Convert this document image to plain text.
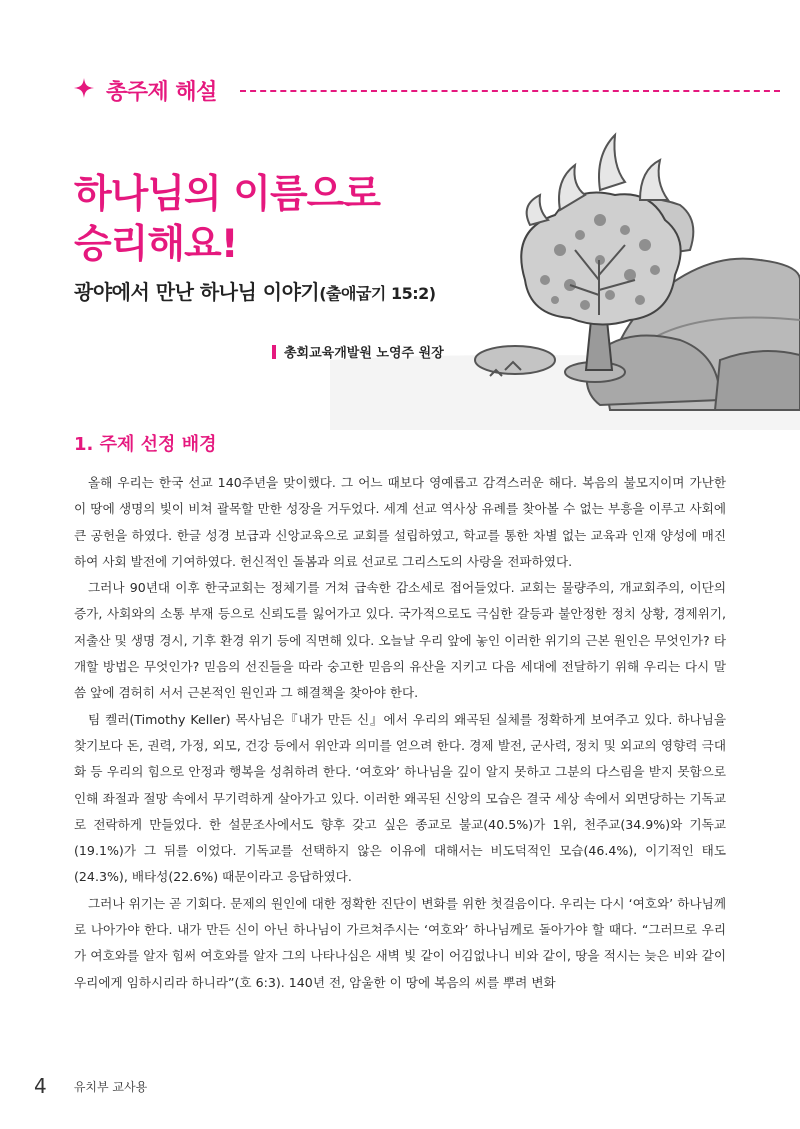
총주제 해설
하나님의 이름으로
승리해요!
광야에서 만난 하나님 이야기(출애굽기 15:2)
총회교육개발원 노영주 원장
1. 주제 선정 배경

올해 우리는 한국 선교 140주년을 맞이했다. 그 어느 때보다 영예롭고 감격스러운 해다. 복음의 불모지이며 가난한 이 땅에 생명의 빛이 비쳐 괄목할 만한 성장을 거두었다. 세계 선교 역사상 유례를 찾아볼 수 없는 부흥을 이루고 사회에 큰 공헌을 하였다. 한글 성경 보급과 신앙교육으로 교회를 설립하였고, 학교를 통한 차별 없는 교육과 인재 양성에 매진하여 사회 발전에 기여하였다. 헌신적인 돌봄과 의료 선교로 그리스도의 사랑을 전파하였다.

그러나 90년대 이후 한국교회는 정체기를 거쳐 급속한 감소세로 접어들었다. 교회는 물량주의, 개교회주의, 이단의 증가, 사회와의 소통 부재 등으로 신뢰도를 잃어가고 있다. 국가적으로도 극심한 갈등과 불안정한 정치 상황, 경제위기, 저출산 및 생명 경시, 기후 환경 위기 등에 직면해 있다. 오늘날 우리 앞에 놓인 이러한 위기의 근본 원인은 무엇인가? 타개할 방법은 무엇인가? 믿음의 선진들을 따라 숭고한 믿음의 유산을 지키고 다음 세대에 전달하기 위해 우리는 다시 말씀 앞에 겸허히 서서 근본적인 원인과 그 해결책을 찾아야 한다.

팀 켈러(Timothy Keller) 목사님은『내가 만든 신』에서 우리의 왜곡된 실체를 정확하게 보여주고 있다. 하나님을 찾기보다 돈, 권력, 가정, 외모, 건강 등에서 위안과 의미를 얻으려 한다. 경제 발전, 군사력, 정치 및 외교의 영향력 극대화 등 우리의 힘으로 안정과 행복을 성취하려 한다. ‘여호와’ 하나님을 깊이 알지 못하고 그분의 다스림을 받지 못함으로 인해 좌절과 절망 속에서 무기력하게 살아가고 있다. 이러한 왜곡된 신앙의 모습은 결국 세상 속에서 외면당하는 기독교로 전락하게 만들었다. 한 설문조사에서도 향후 갖고 싶은 종교로 불교(40.5%)가 1위, 천주교(34.9%)와 기독교(19.1%)가 그 뒤를 이었다. 기독교를 선택하지 않은 이유에 대해서는 비도덕적인 모습(46.4%), 이기적인 태도(24.3%), 배타성(22.6%) 때문이라고 응답하였다.

그러나 위기는 곧 기회다. 문제의 원인에 대한 정확한 진단이 변화를 위한 첫걸음이다. 우리는 다시 ‘여호와’ 하나님께로 나아가야 한다. 내가 만든 신이 아닌 하나님이 가르쳐주시는 ‘여호와’ 하나님께로 돌아가야 할 때다. “그러므로 우리가 여호와를 알자 힘써 여호와를 알자 그의 나타나심은 새벽 빛 같이 어김없나니 비와 같이, 땅을 적시는 늦은 비와 같이 우리에게 임하시리라 하니라”(호 6:3). 140년 전, 암울한 이 땅에 복음의 씨를 뿌려 변화

4 유치부 교사용
